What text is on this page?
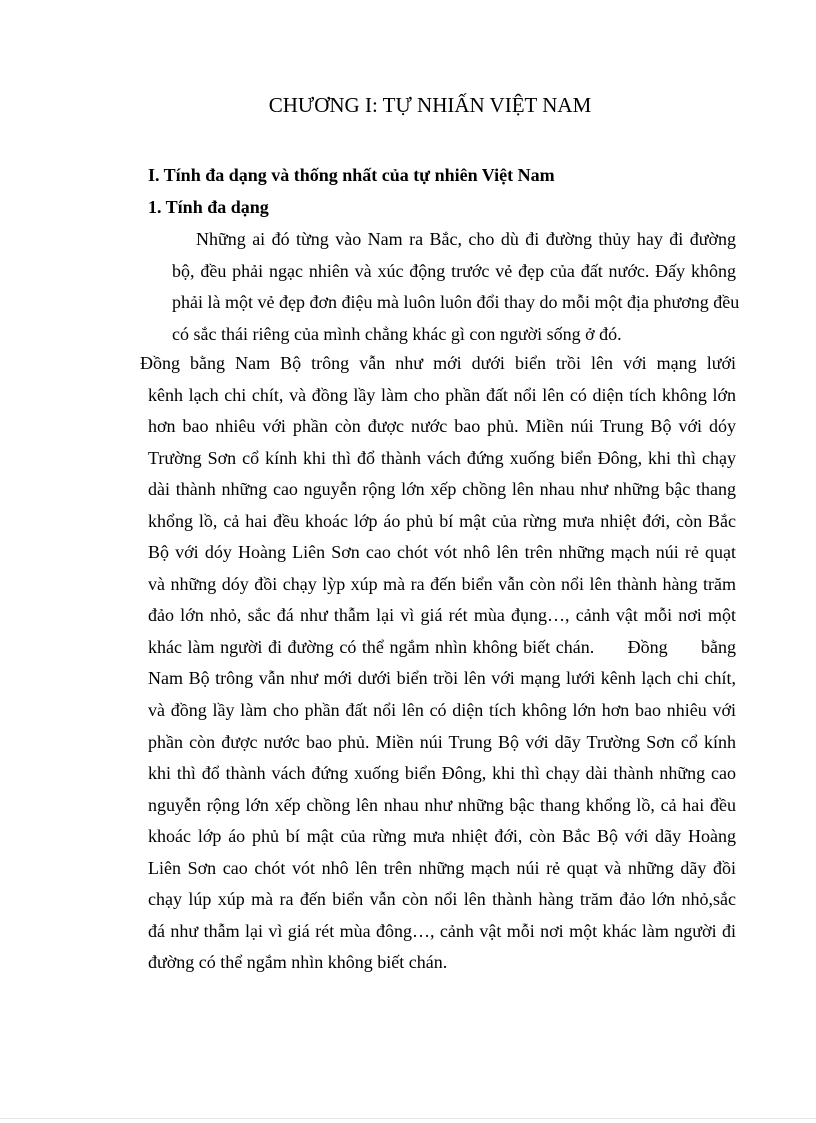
CHƯƠNG I: TỰ NHIẤN VIỆT NAM
I. Tính đa dạng và thống nhất của tự nhiên Việt Nam
1. Tính đa dạng

Những ai đó từng vào Nam ra Bắc, cho dù đi đường thủy hay đi đường
bộ, đều phải ngạc nhiên và xúc động trước vẻ đẹp của đất nước. Đấy không
phải là một vẻ đẹp đơn điệu mà luôn luôn đổi thay do mỗi một địa phương đều
có sắc thái riêng của mình chẳng khác gì con người sống ở đó.

Đồng bằng Nam Bộ trông vẫn như mới dưới biển trồi lên với mạng lưới
kênh lạch chi chít, và đồng lầy làm cho phần đất nổi lên có diện tích không lớn
hơn bao nhiêu với phần còn được nước bao phủ. Miền núi Trung Bộ với dóy
Trường Sơn cổ kính khi thì đổ thành vách đứng xuống biển Đông, khi thì chạy
dài thành những cao nguyễn rộng lớn xếp chồng lên nhau như những bậc thang
khổng lồ, cả hai đều khoác lớp áo phủ bí mật của rừng mưa nhiệt đới, còn Bắc
Bộ với dóy Hoàng Liên Sơn cao chót vót nhô lên trên những mạch núi rẻ quạt
và những dóy đồi chạy lỳp xúp mà ra đến biển vẫn còn nổi lên thành hàng trăm
đảo lớn nhỏ, sắc đá như thẫm lại vì giá rét mùa đụng…, cảnh vật mỗi nơi một
khác làm người đi đường có thể ngắm nhìn không biết chán.      Đồng      bằng
Nam Bộ trông vẫn như mới dưới biển trồi lên với mạng lưới kênh lạch chi chít,
và đồng lầy làm cho phần đất nổi lên có diện tích không lớn hơn bao nhiêu với
phần còn được nước bao phủ. Miền núi Trung Bộ với dãy Trường Sơn cổ kính
khi thì đổ thành vách đứng xuống biển Đông, khi thì chạy dài thành những cao
nguyễn rộng lớn xếp chồng lên nhau như những bậc thang khổng lồ, cả hai đều
khoác lớp áo phủ bí mật của rừng mưa nhiệt đới, còn Bắc Bộ với dãy Hoàng
Liên Sơn cao chót vót nhô lên trên những mạch núi rẻ quạt và những dãy đồi
chạy lúp xúp mà ra đến biển vẫn còn nổi lên thành hàng trăm đảo lớn nhỏ,sắc
đá như thẫm lại vì giá rét mùa đông…, cảnh vật mỗi nơi một khác làm người đi
đường có thể ngắm nhìn không biết chán.
